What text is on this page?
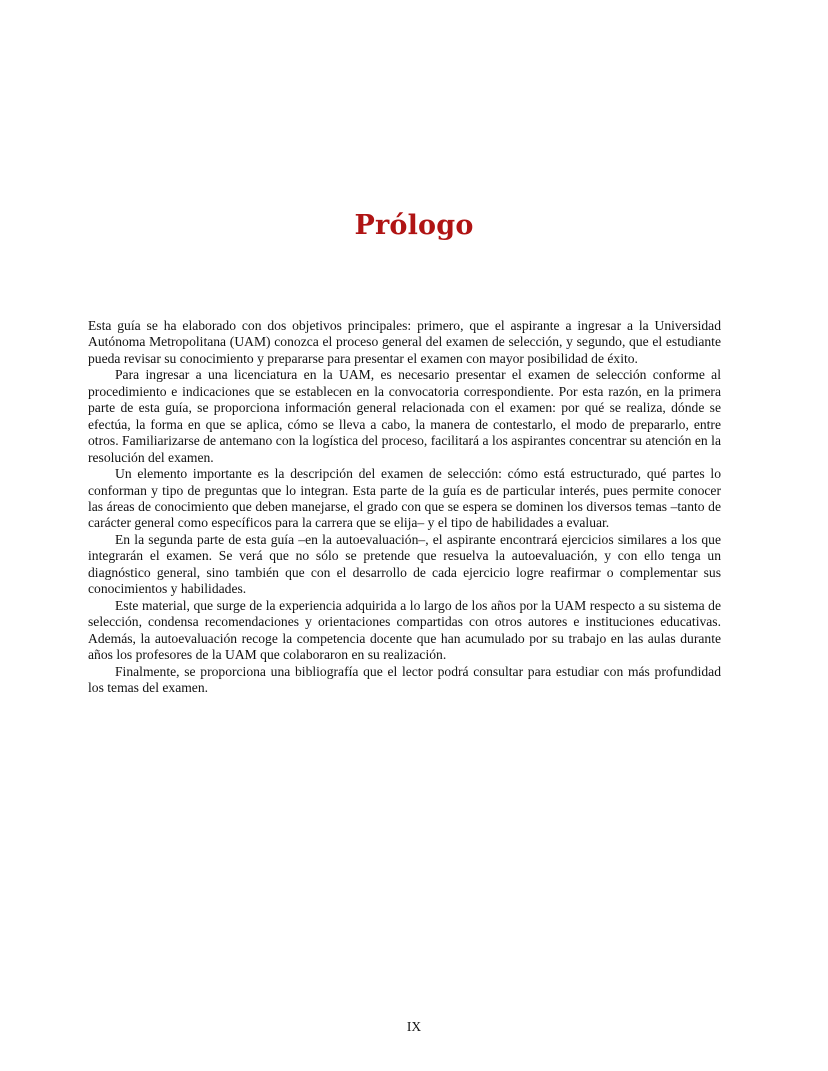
Prólogo

Esta guía se ha elaborado con dos objetivos principales: primero, que el aspirante a ingresar a la Universidad Autónoma Metropolitana (UAM) conozca el proceso general del examen de selección, y segundo, que el estudiante pueda revisar su conocimiento y prepararse para presentar el examen con mayor posibilidad de éxito.

Para ingresar a una licenciatura en la UAM, es necesario presentar el examen de selección conforme al procedimiento e indicaciones que se establecen en la convocatoria correspondiente. Por esta razón, en la primera parte de esta guía, se proporciona información general relacionada con el examen: por qué se realiza, dónde se efectúa, la forma en que se aplica, cómo se lleva a cabo, la manera de contestarlo, el modo de prepararlo, entre otros. Familiarizarse de antemano con la logística del proceso, facilitará a los aspirantes concentrar su atención en la resolución del examen.

Un elemento importante es la descripción del examen de selección: cómo está estructurado, qué partes lo conforman y tipo de preguntas que lo integran. Esta parte de la guía es de particular interés, pues permite conocer las áreas de conocimiento que deben manejarse, el grado con que se espera se dominen los diversos temas –tanto de carácter general como específicos para la carrera que se elija– y el tipo de habilidades a evaluar.

En la segunda parte de esta guía –en la autoevaluación–, el aspirante encontrará ejercicios similares a los que integrarán el examen. Se verá que no sólo se pretende que resuelva la autoevaluación, y con ello tenga un diagnóstico general, sino también que con el desarrollo de cada ejercicio logre reafirmar o complementar sus conocimientos y habilidades.

Este material, que surge de la experiencia adquirida a lo largo de los años por la UAM respecto a su sistema de selección, condensa recomendaciones y orientaciones compartidas con otros autores e instituciones educativas. Además, la autoevaluación recoge la competencia docente que han acumulado por su trabajo en las aulas durante años los profesores de la UAM que colaboraron en su realización.

Finalmente, se proporciona una bibliografía que el lector podrá consultar para estudiar con más profundidad los temas del examen.

IX
